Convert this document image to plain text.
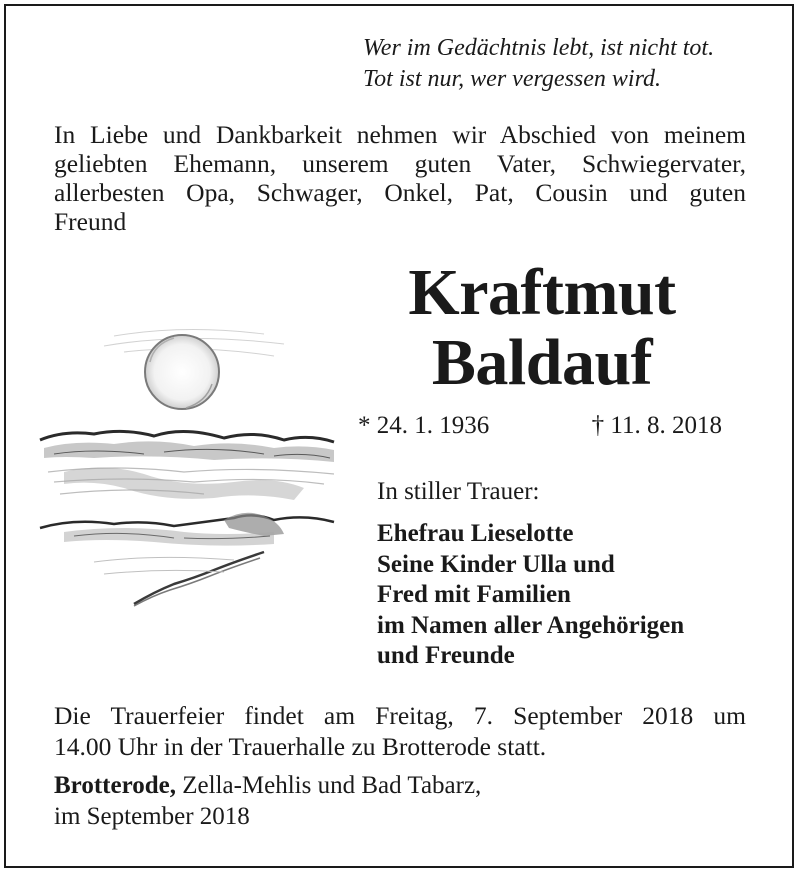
Wer im Gedächtnis lebt, ist nicht tot.
Tot ist nur, wer vergessen wird.
In Liebe und Dankbarkeit nehmen wir Abschied von meinem
geliebten Ehemann, unserem guten Vater, Schwiegervater,
allerbesten Opa, Schwager, Onkel, Pat, Cousin und guten
Freund
Kraftmut
Baldauf
* 24. 1. 1936	† 11. 8. 2018
In stiller Trauer:
Ehefrau Lieselotte
Seine Kinder Ulla und
Fred mit Familien
im Namen aller Angehörigen
und Freunde
Die Trauerfeier findet am Freitag, 7. September 2018 um
14.00 Uhr in der Trauerhalle zu Brotterode statt.
Brotterode, Zella-Mehlis und Bad Tabarz,
im September 2018
